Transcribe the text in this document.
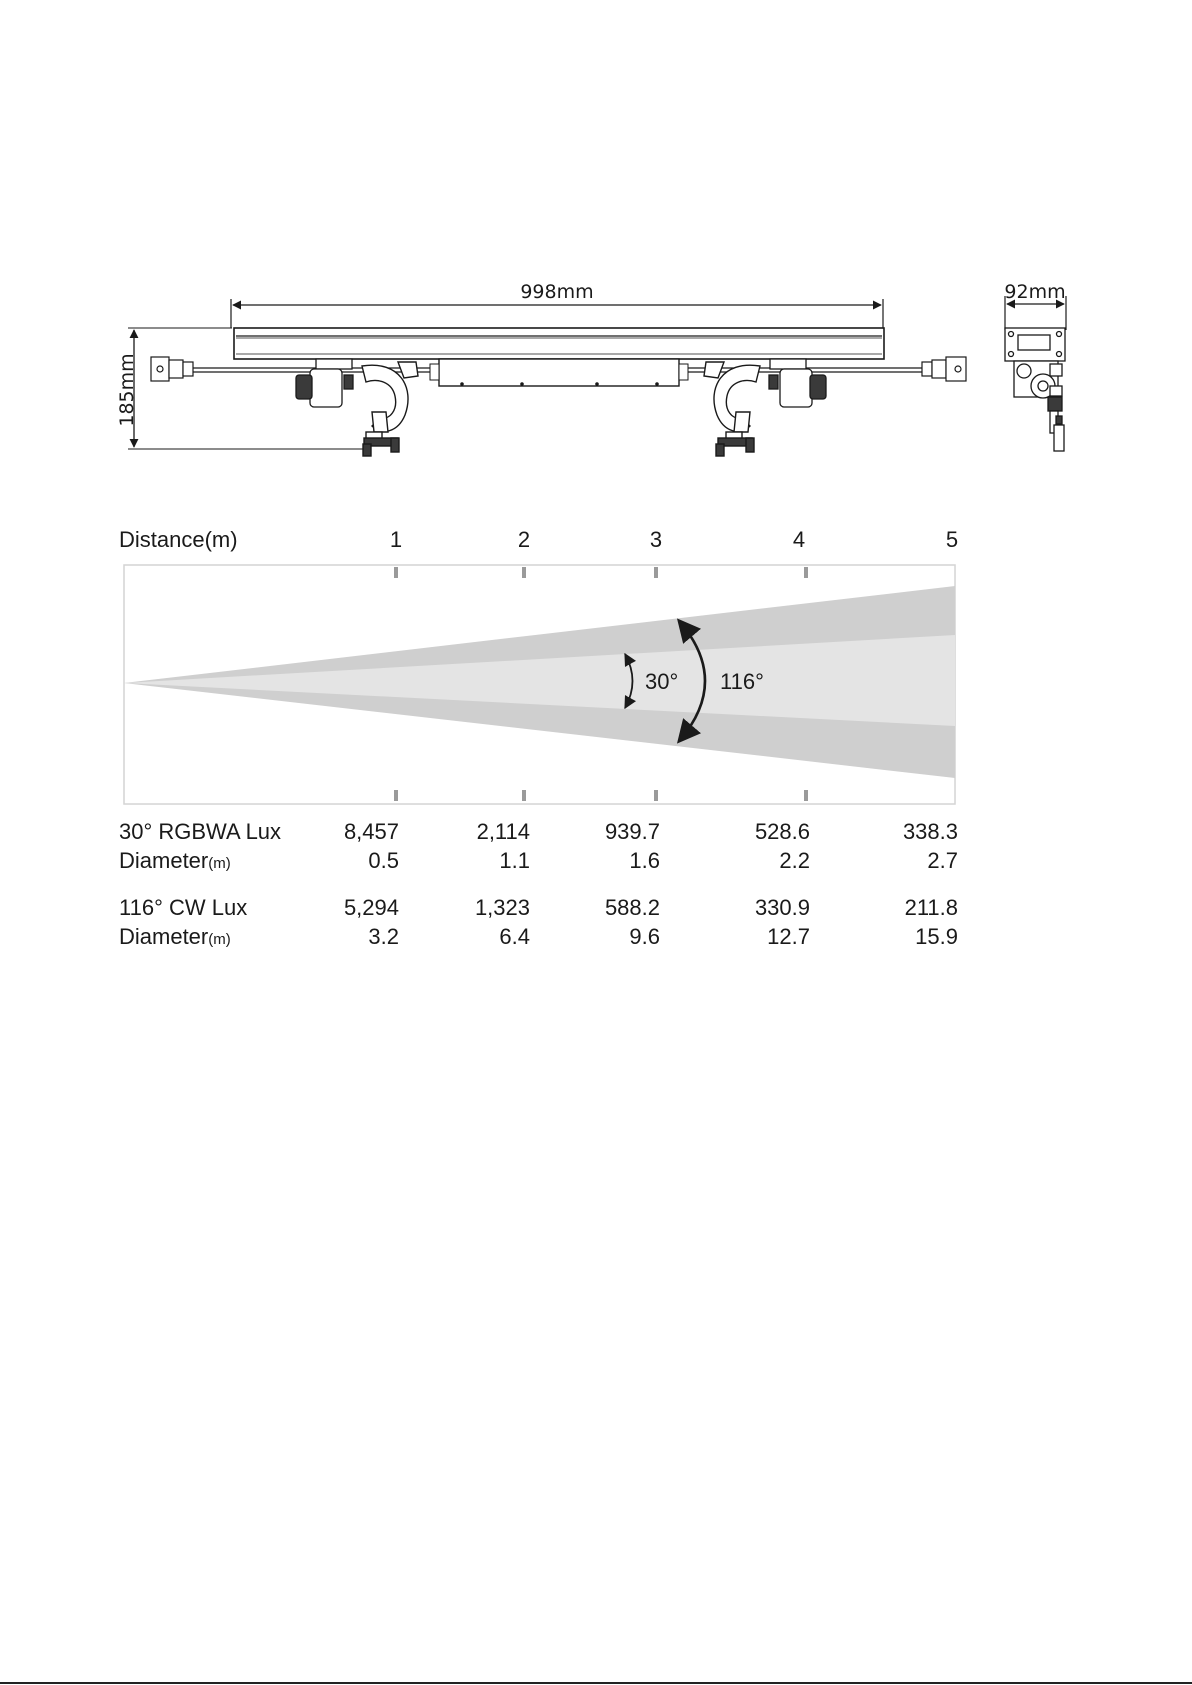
998mm
185mm
92mm
Distance(m)	1	2	3	4	5
30° 116°
30° RGBWA Lux	8,457	2,114	939.7	528.6	338.3
Diameter(m)	0.5	1.1	1.6	2.2	2.7
116° CW Lux	5,294	1,323	588.2	330.9	211.8
Diameter(m)	3.2	6.4	9.6	12.7	15.9
